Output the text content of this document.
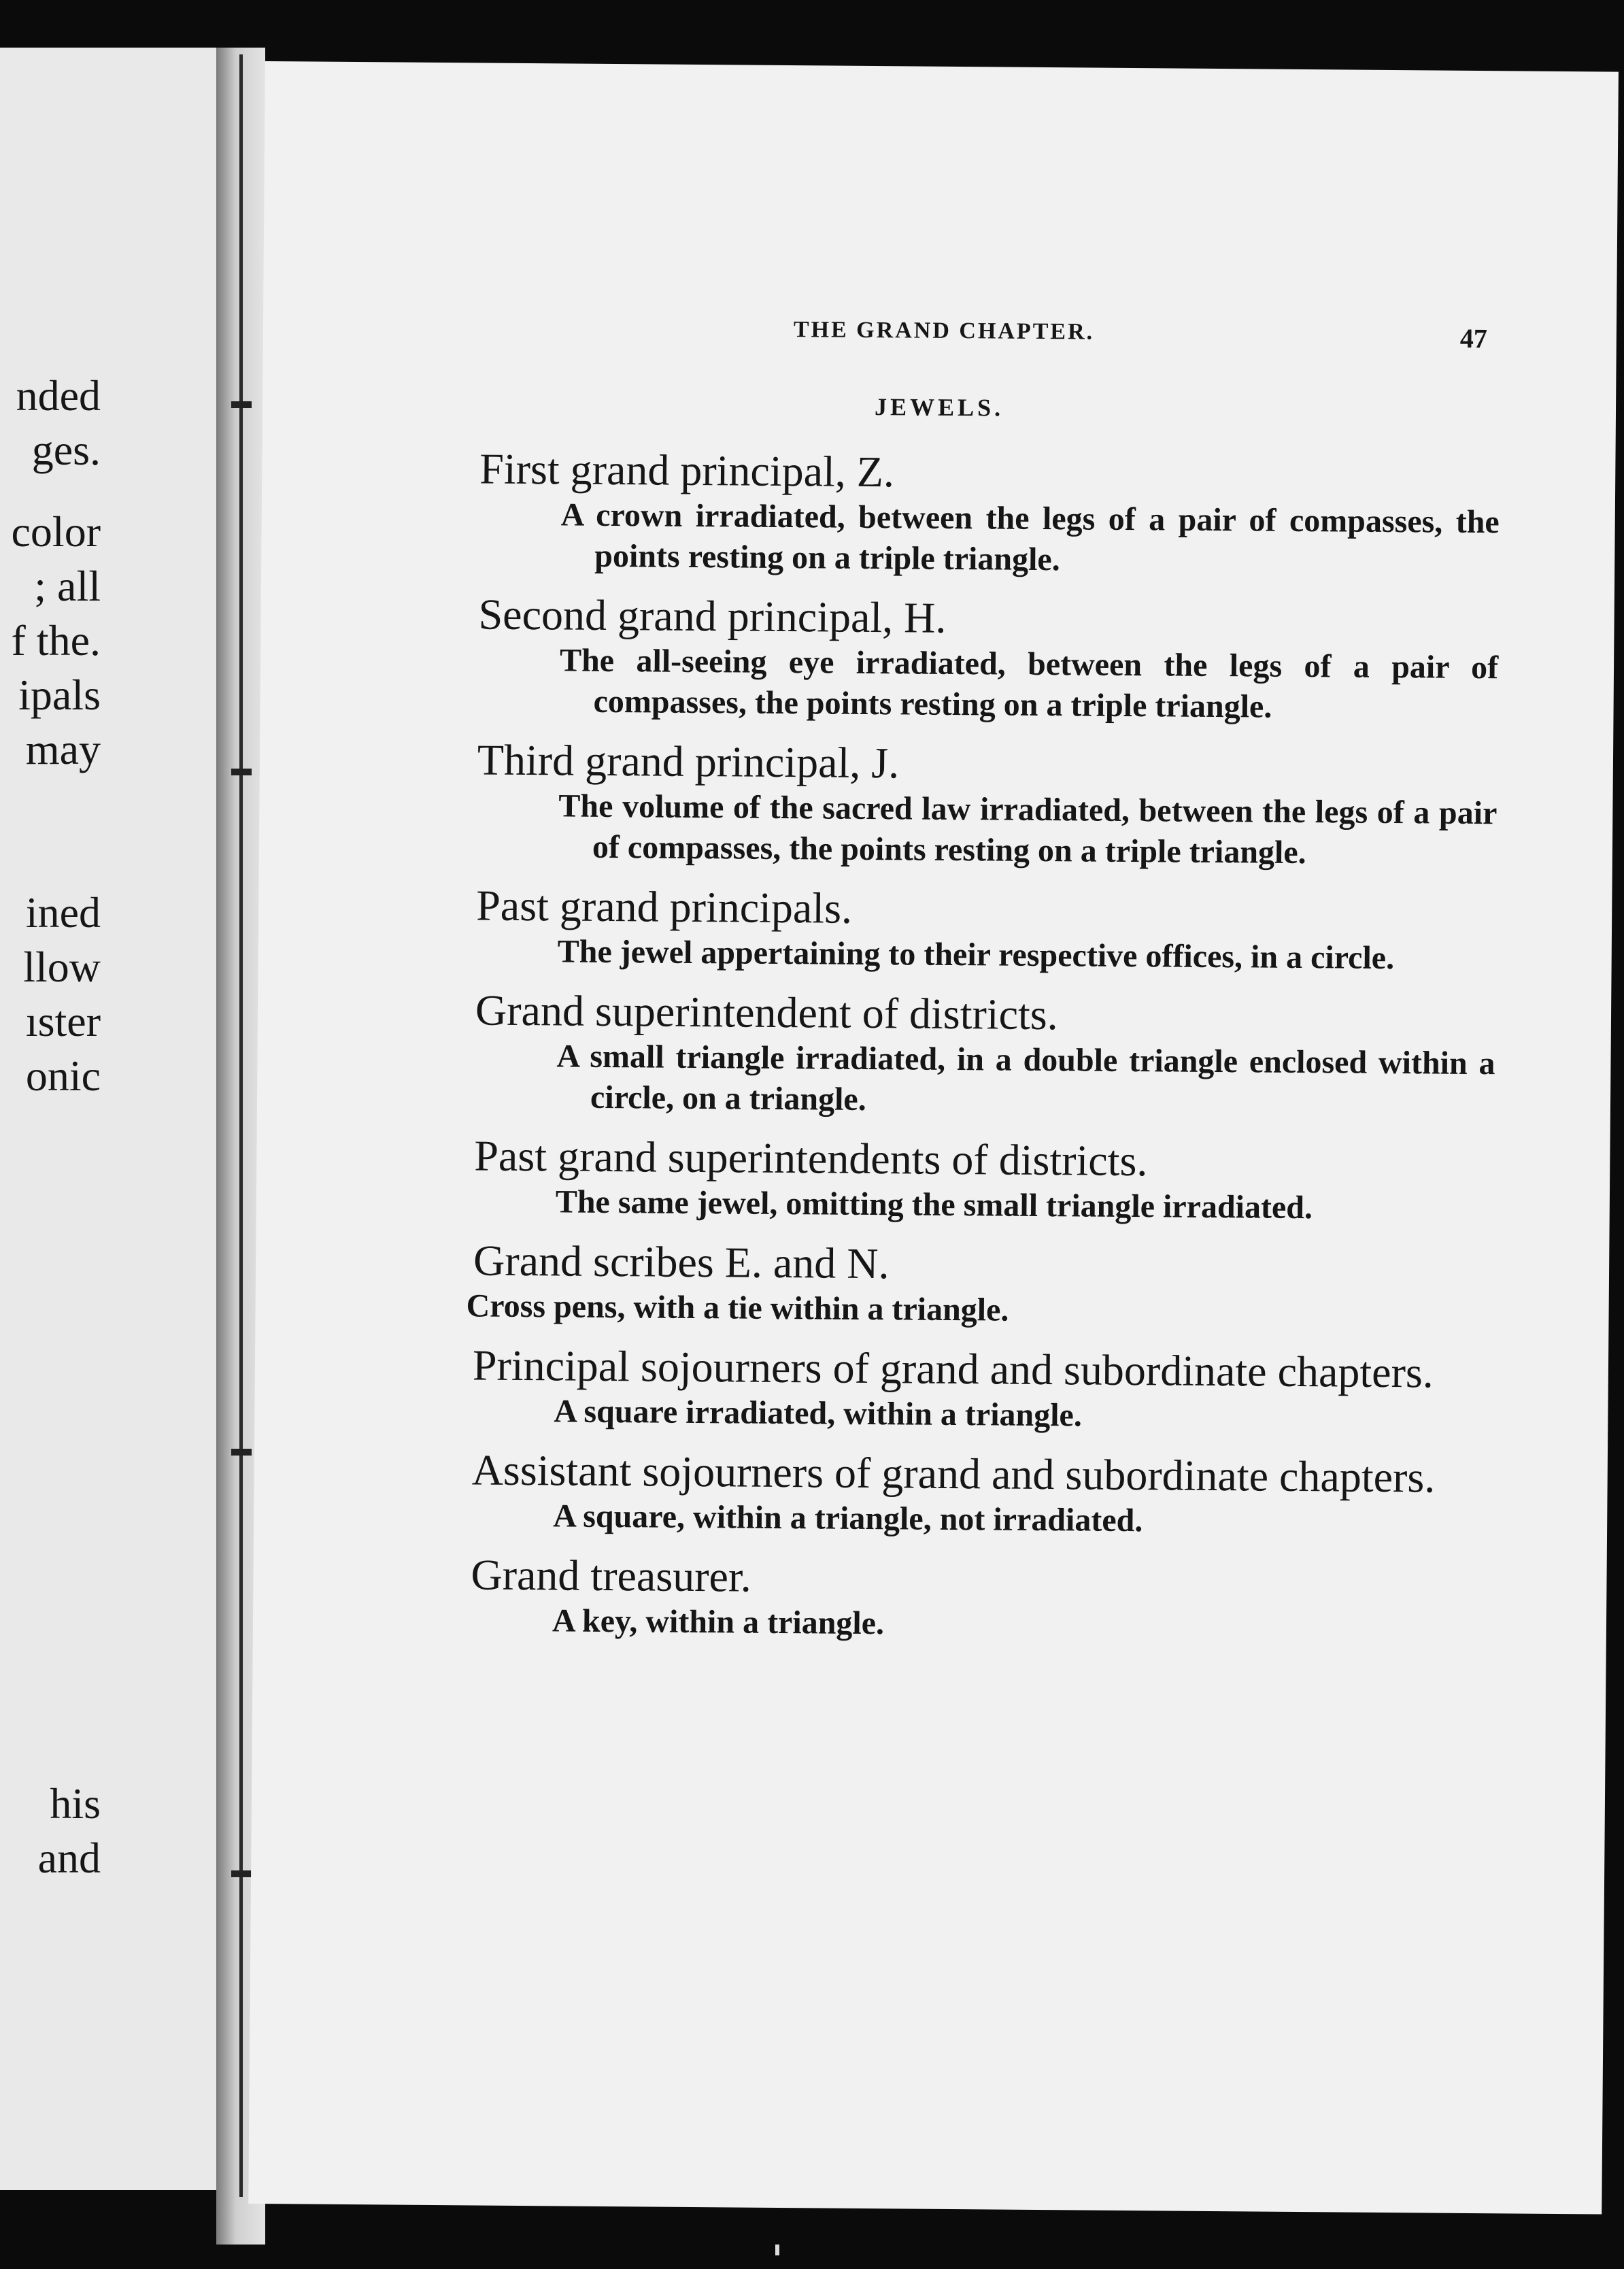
nded
ges.
color
; all
f the.
ipals
may
ined
llow
ıster
onic
his
and
THE GRAND CHAPTER.	47
JEWELS.
First grand principal, Z.
A crown irradiated, between the legs of a pair of compasses, the points resting on a triple triangle.
Second grand principal, H.
The all-seeing eye irradiated, between the legs of a pair of compasses, the points resting on a triple triangle.
Third grand principal, J.
The volume of the sacred law irradiated, between the legs of a pair of compasses, the points resting on a triple triangle.
Past grand principals.
The jewel appertaining to their respective offices, in a circle.
Grand superintendent of districts.
A small triangle irradiated, in a double triangle enclosed within a circle, on a triangle.
Past grand superintendents of districts.
The same jewel, omitting the small triangle irradiated.
Grand scribes E. and N.
Cross pens, with a tie within a triangle.
Principal sojourners of grand and subordinate chapters.
A square irradiated, within a triangle.
Assistant sojourners of grand and subordinate chapters.
A square, within a triangle, not irradiated.
Grand treasurer.
A key, within a triangle.
